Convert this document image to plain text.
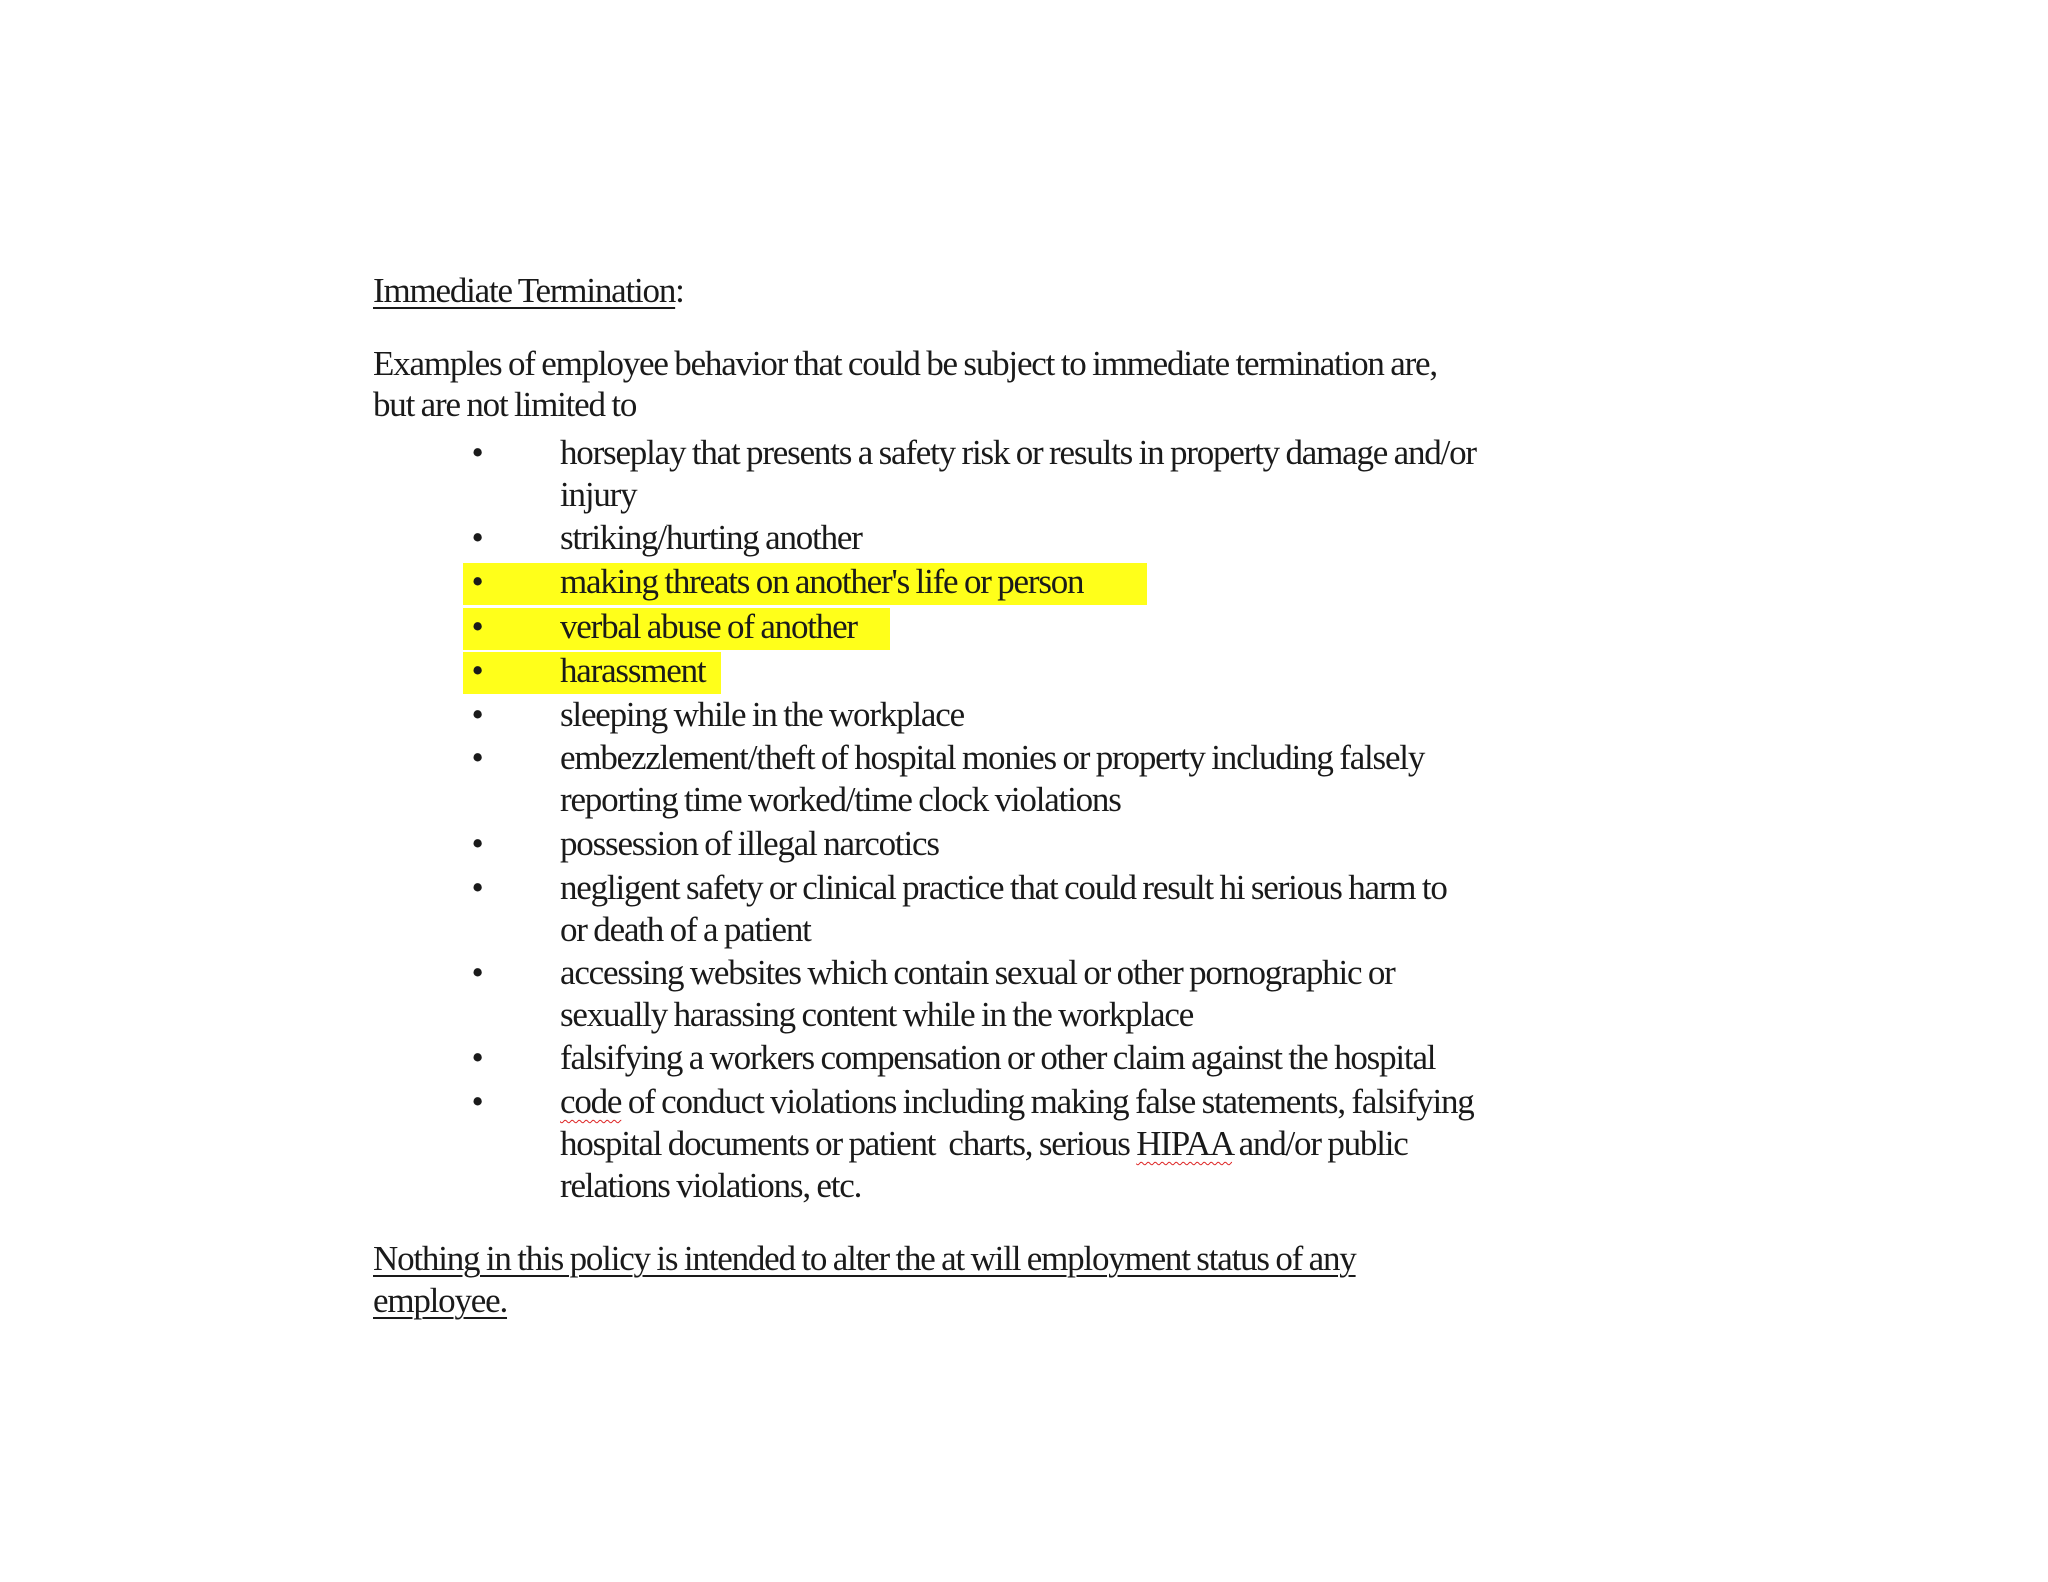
Immediate Termination:
Examples of employee behavior that could be subject to immediate termination are,
but are not limited to
• horseplay that presents a safety risk or results in property damage and/or
injury
• striking/hurting another
• making threats on another's life or person
• verbal abuse of another
• harassment
• sleeping while in the workplace
• embezzlement/theft of hospital monies or property including falsely
reporting time worked/time clock violations
• possession of illegal narcotics
• negligent safety or clinical practice that could result hi serious harm to
or death of a patient
• accessing websites which contain sexual or other pornographic or
sexually harassing content while in the workplace
• falsifying a workers compensation or other claim against the hospital
• code of conduct violations including making false statements, falsifying
hospital documents or patient  charts, serious HIPAA and/or public
relations violations, etc.
Nothing in this policy is intended to alter the at will employment status of any
employee.
